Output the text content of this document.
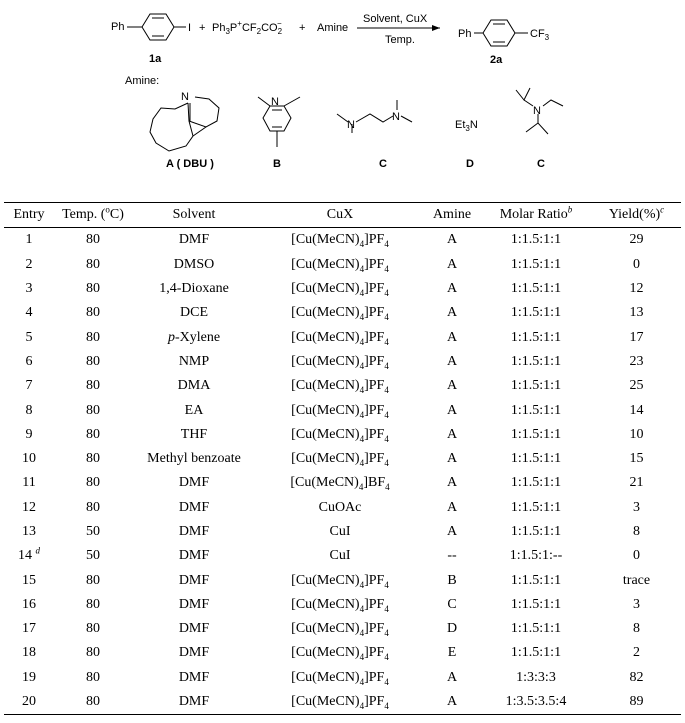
Ph	I
1a
+ $Ph_3P^+CF_2CO_2- + Amine$
Solvent, CuX
Temp.	Ph	$CF_3$
2a
Amine:
N
A ( DBU )
N
B
N
N
C
$Et_3N$
D
N
C
Entry	Temp. ($^o$C)	Solvent	CuX	Amine	Molar Ratio$^b$	Yield(%)$^c$
1	80	DMF	$[Cu(MeCN)_4]PF_4$	A	1:1.5:1:1	29
2	80	DMSO	$[Cu(MeCN)_4]PF_4$	A	1:1.5:1:1	0
3	80	1,4-Dioxane	$[Cu(MeCN)_4]PF_4$	A	1:1.5:1:1	12
4	80	DCE	$[Cu(MeCN)_4]PF_4$	A	1:1.5:1:1	13
5	80	p-Xylene	$[Cu(MeCN)_4]PF_4$	A	1:1.5:1:1	17
6	80	NMP	$[Cu(MeCN)_4]PF_4$	A	1:1.5:1:1	23
7	80	DMA	$[Cu(MeCN)_4]PF_4$	A	1:1.5:1:1	25
8	80	EA	$[Cu(MeCN)_4]PF_4$	A	1:1.5:1:1	14
9	80	THF	$[Cu(MeCN)_4]PF_4$	A	1:1.5:1:1	10
10	80	Methyl benzoate	$[Cu(MeCN)_4]PF_4$	A	1:1.5:1:1	15
11	80	DMF	$[Cu(MeCN)_4]BF_4$	A	1:1.5:1:1	21
12	80	DMF	CuOAc	A	1:1.5:1:1	3
13	50	DMF	CuI	A	1:1.5:1:1	8
14 $^d$	50	DMF	CuI	--	1:1.5:1:--	0
15	80	DMF	$[Cu(MeCN)_4]PF_4$	B	1:1.5:1:1	trace
16	80	DMF	$[Cu(MeCN)_4]PF_4$	C	1:1.5:1:1	3
17	80	DMF	$[Cu(MeCN)_4]PF_4$	D	1:1.5:1:1	8
18	80	DMF	$[Cu(MeCN)_4]PF_4$	E	1:1.5:1:1	2
19	80	DMF	$[Cu(MeCN)_4]PF_4$	A	1:3:3:3	82
20	80	DMF	$[Cu(MeCN)_4]PF_4$	A	1:3.5:3.5:4	89
